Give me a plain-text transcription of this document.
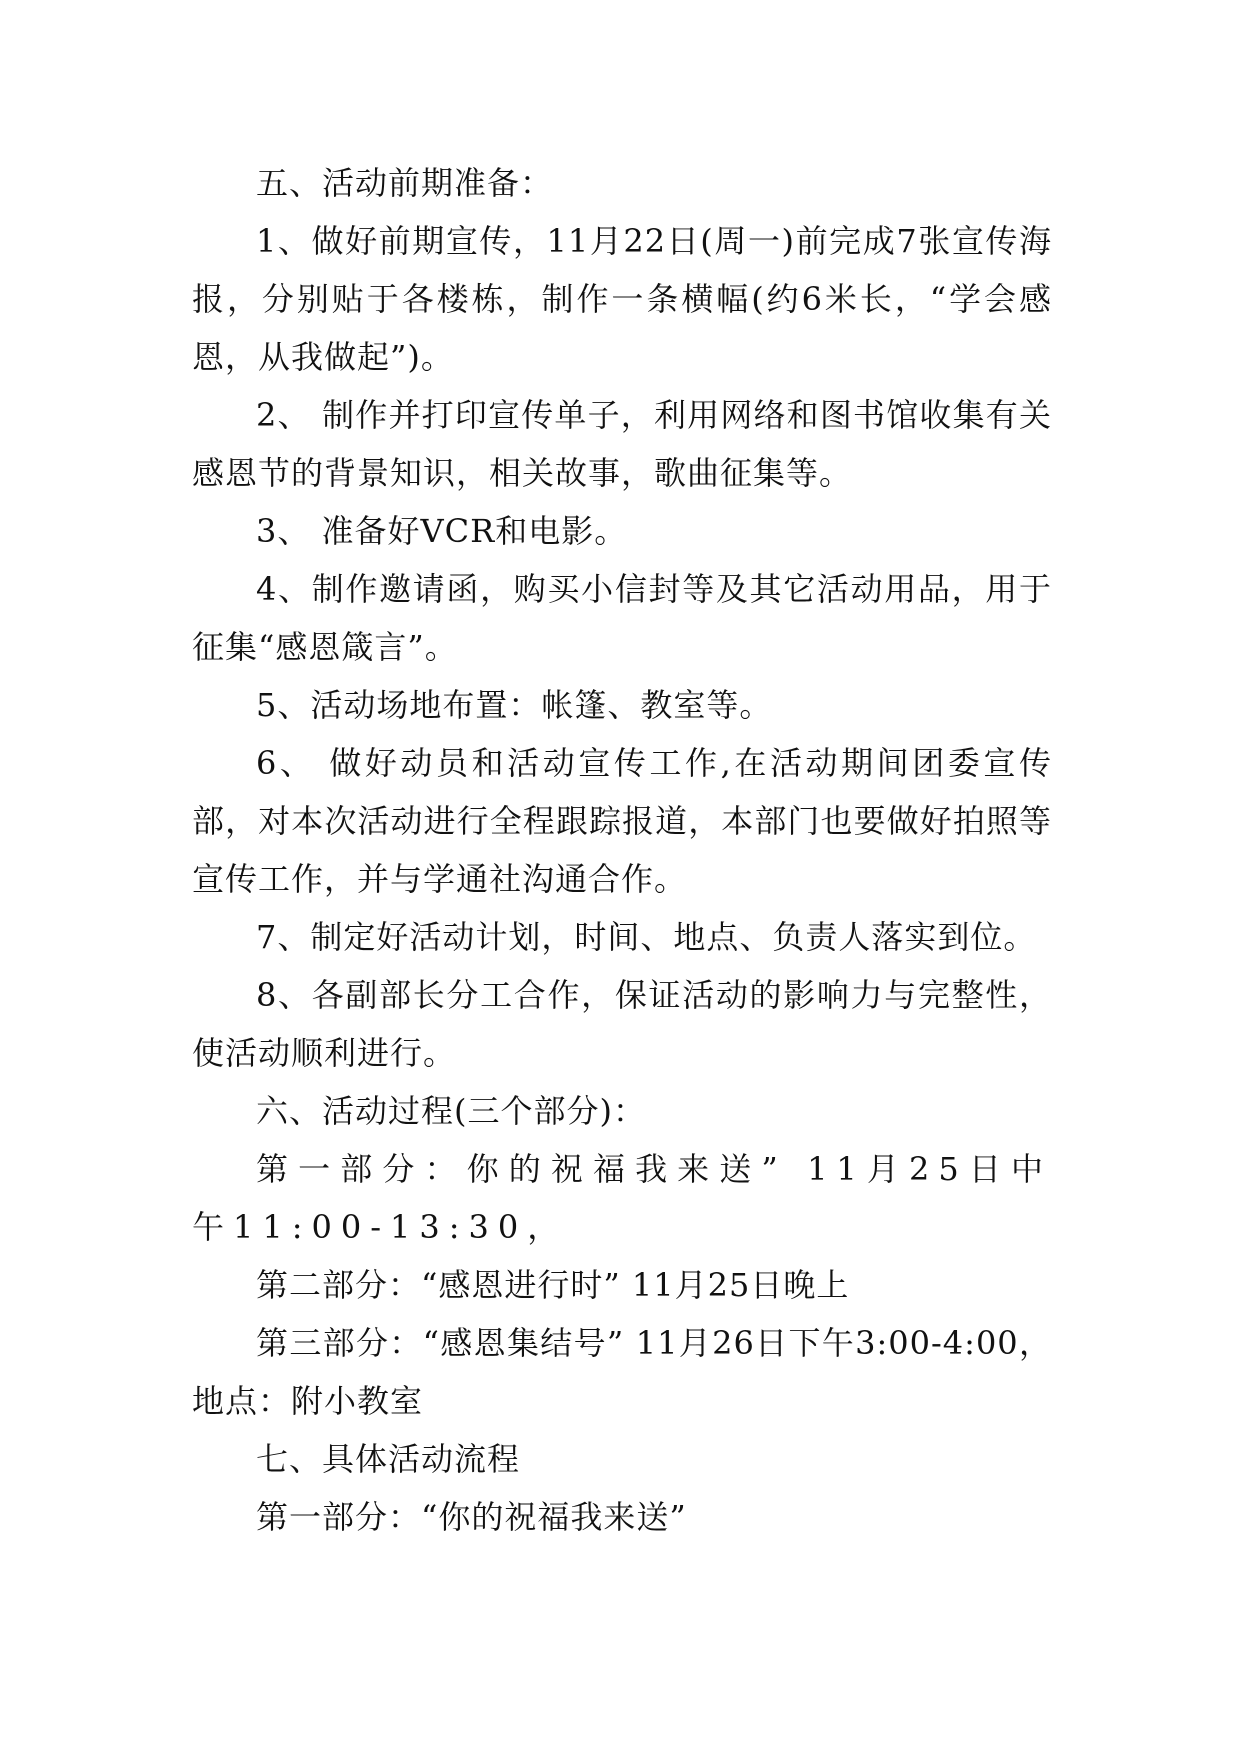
五、活动前期准备：

1、做好前期宣传，11月22日(周一)前完成7张宣传海报，分别贴于各楼栋，制作一条横幅(约6米长，“学会感恩，从我做起”)。

2、 制作并打印宣传单子，利用网络和图书馆收集有关感恩节的背景知识，相关故事，歌曲征集等。

3、 准备好VCR和电影。

4、制作邀请函，购买小信封等及其它活动用品，用于征集“感恩箴言”。

5、活动场地布置：帐篷、教室等。

6、 做好动员和活动宣传工作,在活动期间团委宣传部，对本次活动进行全程跟踪报道，本部门也要做好拍照等宣传工作，并与学通社沟通合作。

7、制定好活动计划，时间、地点、负责人落实到位。

8、各副部长分工合作，保证活动的影响力与完整性，使活动顺利进行。

六、活动过程(三个部分)：

第一部分：你的祝福我来送” 11月25日中午11:00-13:30，

第二部分：“感恩进行时” 11月25日晚上

第三部分：“感恩集结号” 11月26日下午3:00-4:00，地点：附小教室

七、具体活动流程

第一部分：“你的祝福我来送”
